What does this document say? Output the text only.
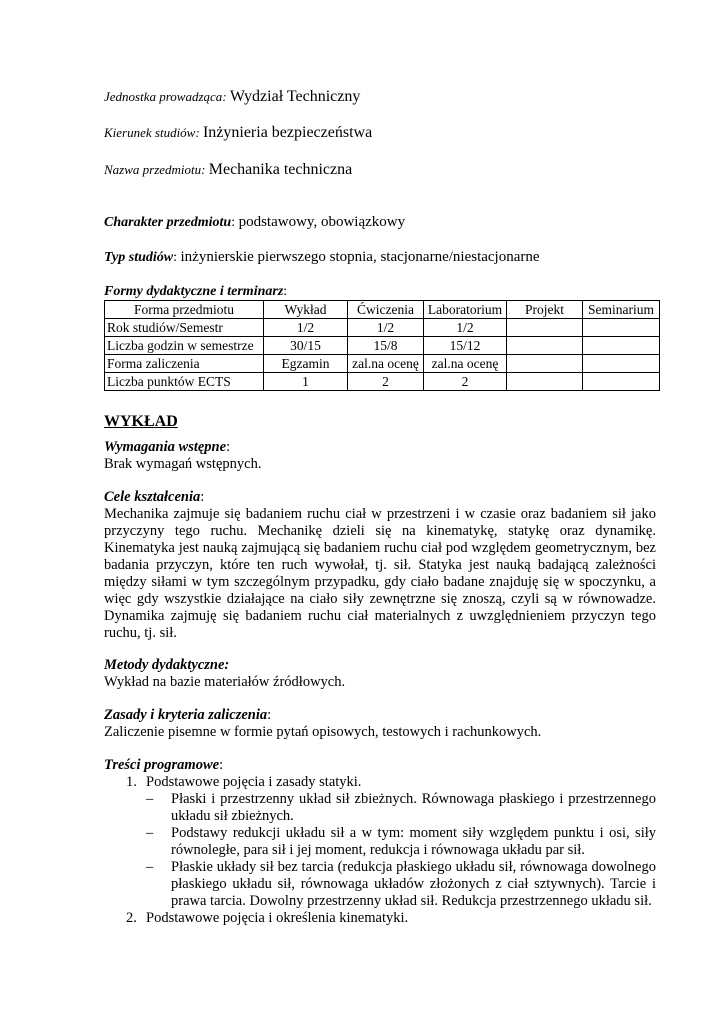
Jednostka prowadząca: Wydział Techniczny
Kierunek studiów: Inżynieria bezpieczeństwa
Nazwa przedmiotu: Mechanika techniczna
Charakter przedmiotu: podstawowy, obowiązkowy
Typ studiów: inżynierskie pierwszego stopnia, stacjonarne/niestacjonarne
Formy dydaktyczne i terminarz:
Forma przedmiotu	Wykład	Ćwiczenia	Laboratorium	Projekt	Seminarium
Rok studiów/Semestr	1/2	1/2	1/2		
Liczba godzin w semestrze	30/15	15/8	15/12		
Forma zaliczenia	Egzamin	zal.na ocenę	zal.na ocenę		
Liczba punktów ECTS	1	2	2		
WYKŁAD
Wymagania wstępne:
Brak wymagań wstępnych.
Cele kształcenia:
Mechanika zajmuje się badaniem ruchu ciał w przestrzeni i w czasie oraz badaniem sił jako przyczyny tego ruchu. Mechanikę dzieli się na kinematykę, statykę oraz dynamikę. Kinematyka jest nauką zajmującą się badaniem ruchu ciał pod względem geometrycznym, bez badania przyczyn, które ten ruch wywołał, tj. sił. Statyka jest nauką badającą zależności między siłami w tym szczególnym przypadku, gdy ciało badane znajduję się w spoczynku, a więc gdy wszystkie działające na ciało siły zewnętrzne się znoszą, czyli są w równowadze. Dynamika zajmuję się badaniem ruchu ciał materialnych z uwzględnieniem przyczyn tego ruchu, tj. sił.
Metody dydaktyczne:
Wykład na bazie materiałów źródłowych.
Zasady i kryteria zaliczenia:
Zaliczenie pisemne w formie pytań opisowych, testowych i rachunkowych.
Treści programowe:
1. Podstawowe pojęcia i zasady statyki.
– Płaski i przestrzenny układ sił zbieżnych. Równowaga płaskiego i przestrzennego układu sił zbieżnych.
– Podstawy redukcji układu sił a w tym: moment siły względem punktu i osi, siły równoległe, para sił i jej moment, redukcja i równowaga układu par sił.
– Płaskie układy sił bez tarcia (redukcja płaskiego układu sił, równowaga dowolnego płaskiego układu sił, równowaga układów złożonych z ciał sztywnych). Tarcie i prawa tarcia. Dowolny przestrzenny układ sił. Redukcja przestrzennego układu sił.
2. Podstawowe pojęcia i określenia kinematyki.
